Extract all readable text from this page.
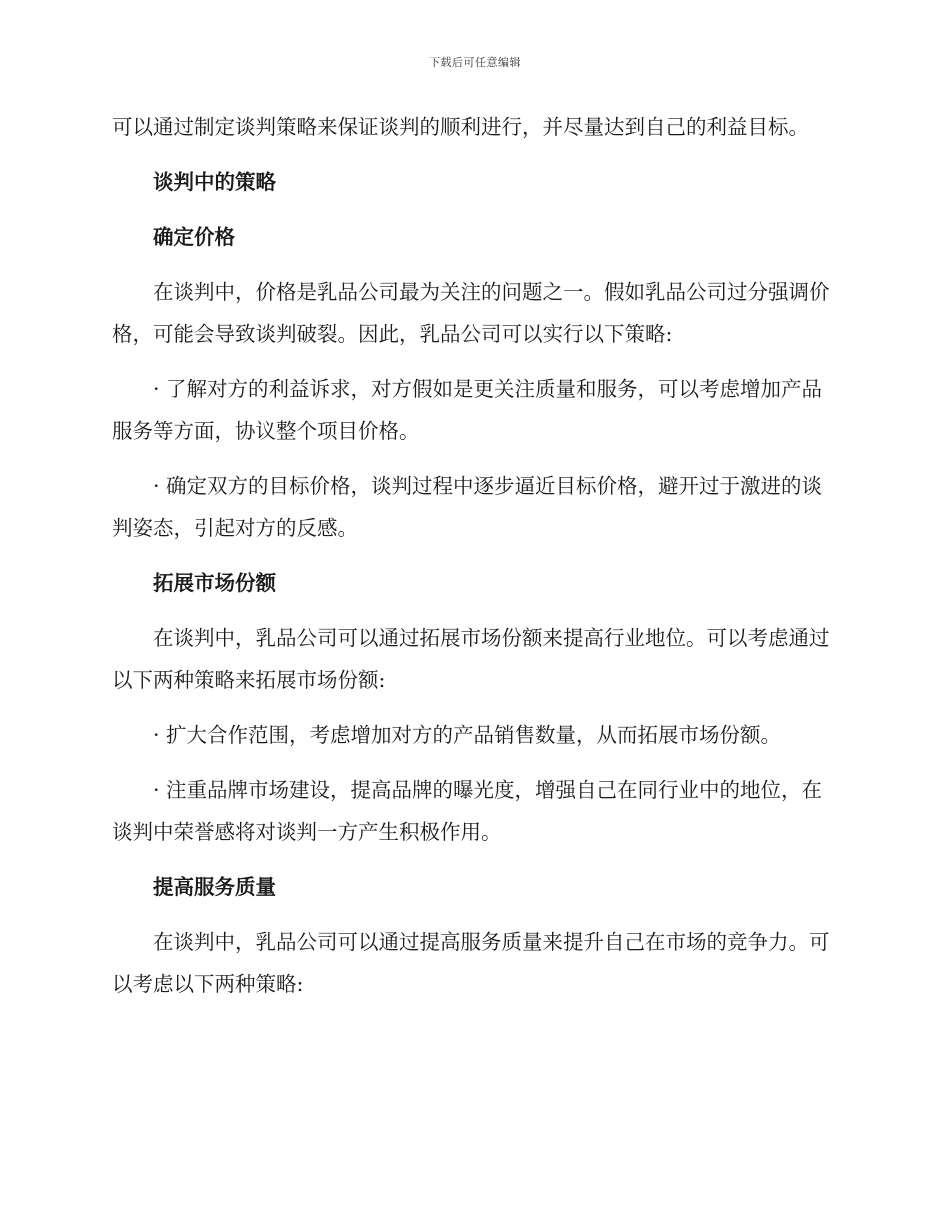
下载后可任意编辑

可以通过制定谈判策略来保证谈判的顺利进行，并尽量达到自己的利益目标。

谈判中的策略
确定价格

在谈判中，价格是乳品公司最为关注的问题之一。假如乳品公司过分强调价格，可能会导致谈判破裂。因此，乳品公司可以实行以下策略:

· 了解对方的利益诉求，对方假如是更关注质量和服务，可以考虑增加产品服务等方面，协议整个项目价格。

· 确定双方的目标价格，谈判过程中逐步逼近目标价格，避开过于激进的谈判姿态，引起对方的反感。

拓展市场份额

在谈判中，乳品公司可以通过拓展市场份额来提高行业地位。可以考虑通过以下两种策略来拓展市场份额:

· 扩大合作范围，考虑增加对方的产品销售数量，从而拓展市场份额。

· 注重品牌市场建设，提高品牌的曝光度，增强自己在同行业中的地位，在谈判中荣誉感将对谈判一方产生积极作用。

提高服务质量

在谈判中，乳品公司可以通过提高服务质量来提升自己在市场的竞争力。可以考虑以下两种策略:
